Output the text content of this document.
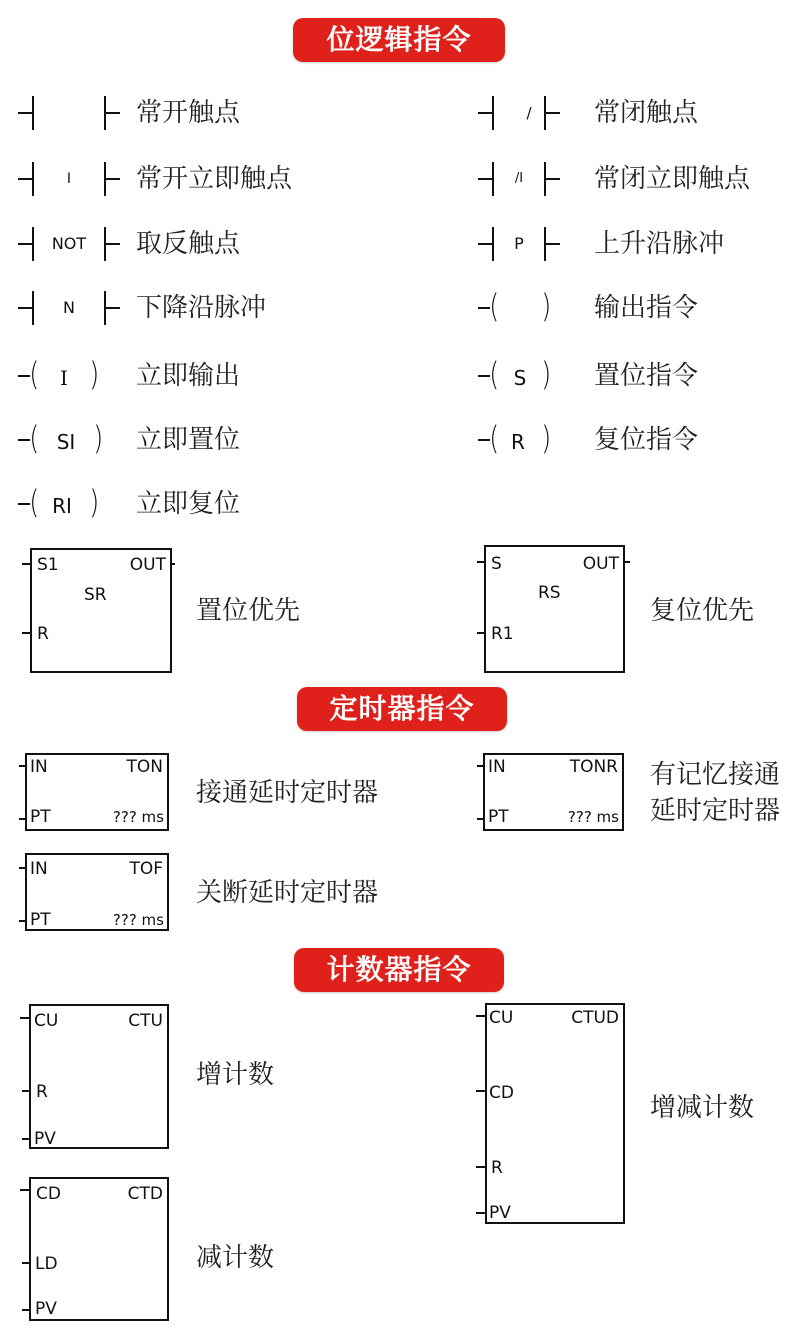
位逻辑指令
常开触点	/	常闭触点
I	常开立即触点	/I	常闭立即触点
NOT	取反触点	P	上升沿脉冲
N	下降沿脉冲	( ) 输出指令
(	I ) 立即输出	( S ) 置位指令
( SI ) 立即置位	( R ) 复位指令
( RI ) 立即复位
S1	OUT
SR
R
置位优先
S	OUT
RS
R1
复位优先
定时器指令
IN	TON
PT	??? ms
接通延时定时器
IN	TONR
PT	??? ms
有记忆接通
延时定时器
IN	TOF
PT	??? ms
关断延时定时器
计数器指令
CU	CTU
R
PV
增计数
CU	CTUD
CD
R
PV
增减计数
CD	CTD
LD
PV
减计数
